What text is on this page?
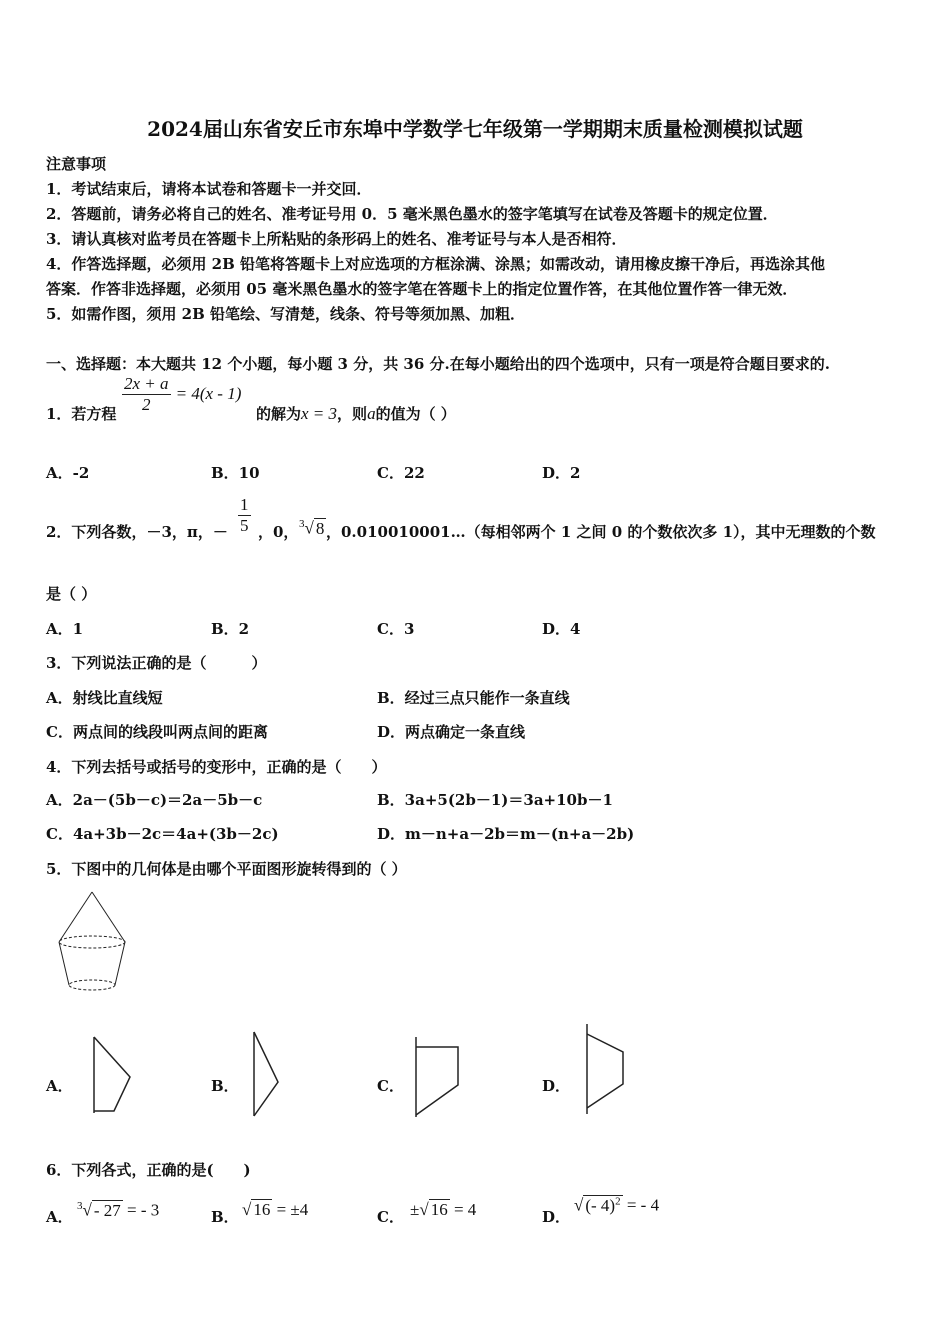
2024届山东省安丘市东埠中学数学七年级第一学期期末质量检测模拟试题
注意事项
1．考试结束后，请将本试卷和答题卡一并交回．
2．答题前，请务必将自己的姓名、准考证号用 0．5 毫米黑色墨水的签字笔填写在试卷及答题卡的规定位置．
3．请认真核对监考员在答题卡上所粘贴的条形码上的姓名、准考证号与本人是否相符．
4．作答选择题，必须用 2B 铅笔将答题卡上对应选项的方框涂满、涂黑；如需改动，请用橡皮擦干净后，再选涂其他
答案．作答非选择题，必须用 05 毫米黑色墨水的签字笔在答题卡上的指定位置作答，在其他位置作答一律无效．
5．如需作图，须用 2B 铅笔绘、写清楚，线条、符号等须加黑、加粗．
一、选择题：本大题共 12 个小题，每小题 3 分，共 36 分.在每小题给出的四个选项中，只有一项是符合题目要求的.
1．若方程 $\frac{2x + a}{2} = 4(x - 1)$
的解为x = 3，则a的值为（ ）
A．-2	B．10	C．22	D．2
2．下列各数，－3，π，－ $\frac{1}{5}$ ，0， $^3$√ 8 ，0.010010001…（每相邻两个 1 之间 0 的个数依次多 1），其中无理数的个数
是（ ）
A．1	B．2	C．3	D．4
3．下列说法正确的是（　　　）
A．射线比直线短	B．经过三点只能作一条直线
C．两点间的线段叫两点间的距离	D．两点确定一条直线
4．下列去括号或括号的变形中，正确的是（　　）
A．2a－(5b－c)＝2a－5b－c	B．3a+5(2b－1)＝3a+10b－1
C．4a+3b－2c＝4a+(3b－2c)	D．m－n+a－2b＝m－(n+a－2b)
5．下图中的几何体是由哪个平面图形旋转得到的（ ）
A．	B．	C．	D．
6．下列各式，正确的是(　　)
A．
$^3$√ - 27 = - 3	B． √ 16 = ±4	C． ±√ 16 = 4	D．
√ (- 4)$^2$ = - 4
